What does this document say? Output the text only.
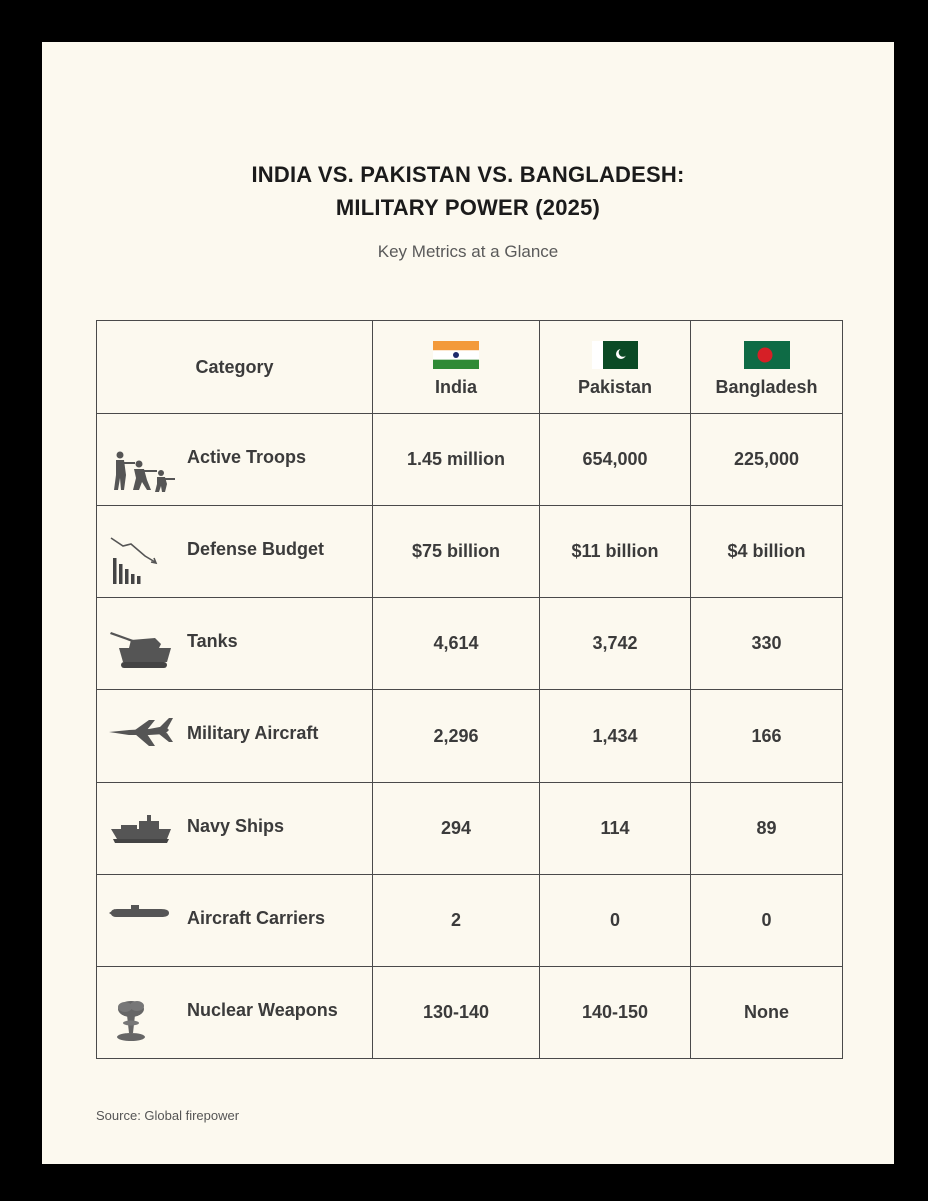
INDIA VS. PAKISTAN VS. BANGLADESH:
MILITARY POWER (2025)
Key Metrics at a Glance
Category	India	Pakistan	Bangladesh

Active Troops	1.45 million	654,000	225,000

Defense Budget	$75 billion	$11 billion	$4 billion

Tanks	4,614	3,742	330

Military Aircraft	2,296	1,434	166

Navy Ships	294	114	89

Aircraft Carriers	2	0	0

Nuclear Weapons	130-140	140-150	None
Source: Global firepower
